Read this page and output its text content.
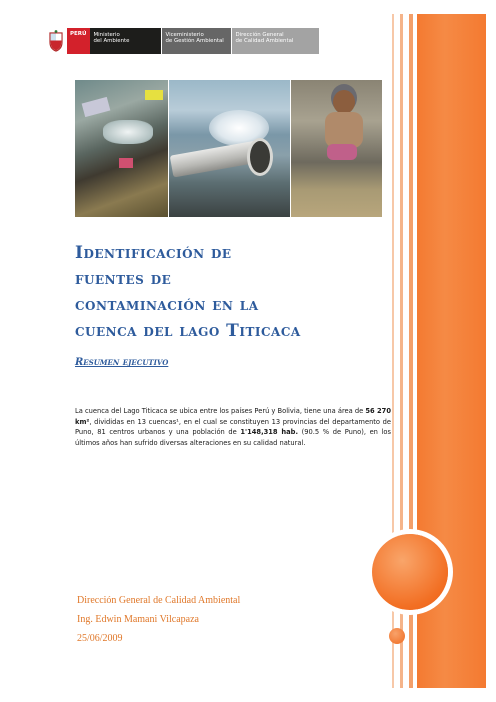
PERÚ	Ministerio
del Ambiente
Viceministerio
de Gestión Ambiental
Dirección General
de Calidad Ambiental
Identificación de
fuentes de
contaminación en la
cuenca del lago Titicaca

Resumen ejecutivo

La cuenca del Lago Titicaca se ubica entre los países Perú y Bolivia, tiene una área de 56 270 km², divididas en 13 cuencas¹, en el cual se constituyen 13 provincias del departamento de Puno, 81 centros urbanos y una población de 1'148,318 hab. (90.5 % de Puno), en los últimos años han sufrido diversas alteraciones en su calidad natural.

Dirección General de Calidad Ambiental
Ing. Edwin Mamani Vilcapaza
25/06/2009
